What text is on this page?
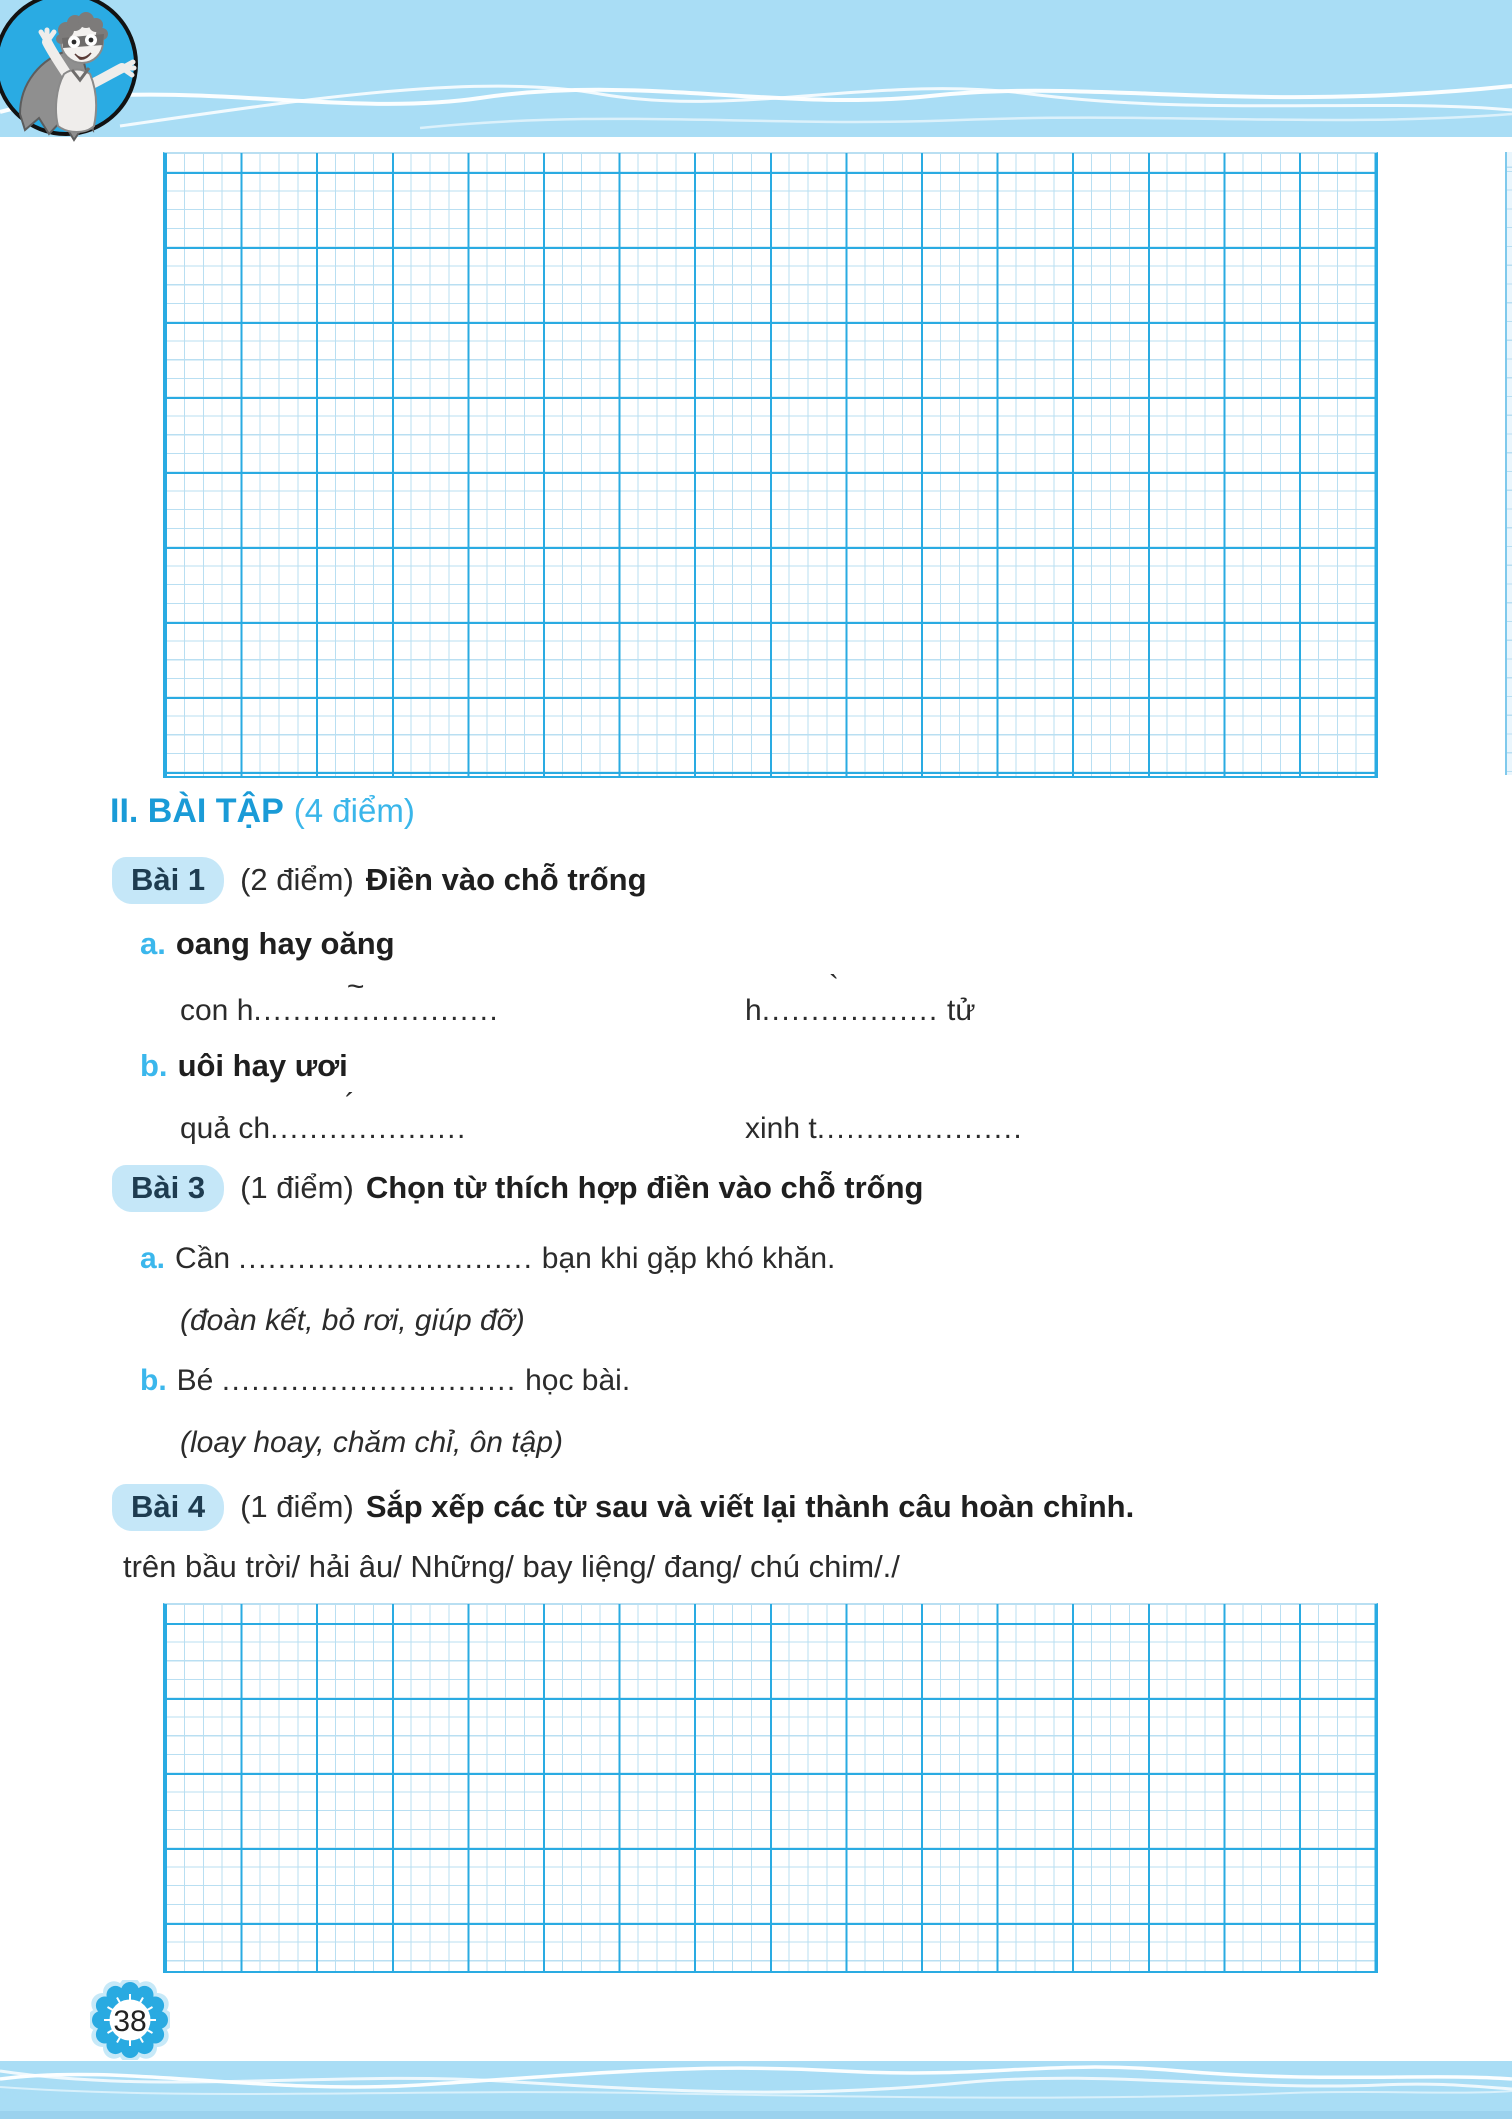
II. BÀI TẬP (4 điểm)
Bài 1 (2 điểm) Điền vào chỗ trống
a. oang hay oăng
con h
~
.........................	h
`
.................. tử
b. uôi hay ươi
quả ch
´
....................	xinh t.....................
Bài 3 (1 điểm) Chọn từ thích hợp điền vào chỗ trống
a. Cần .............................. bạn khi gặp khó khăn.
(đoàn kết, bỏ rơi, giúp đỡ)
b. Bé .............................. học bài.
(loay hoay, chăm chỉ, ôn tập)
Bài 4 (1 điểm) Sắp xếp các từ sau và viết lại thành câu hoàn chỉnh.
trên bầu trời/ hải âu/ Những/ bay liệng/ đang/ chú chim/./
38
